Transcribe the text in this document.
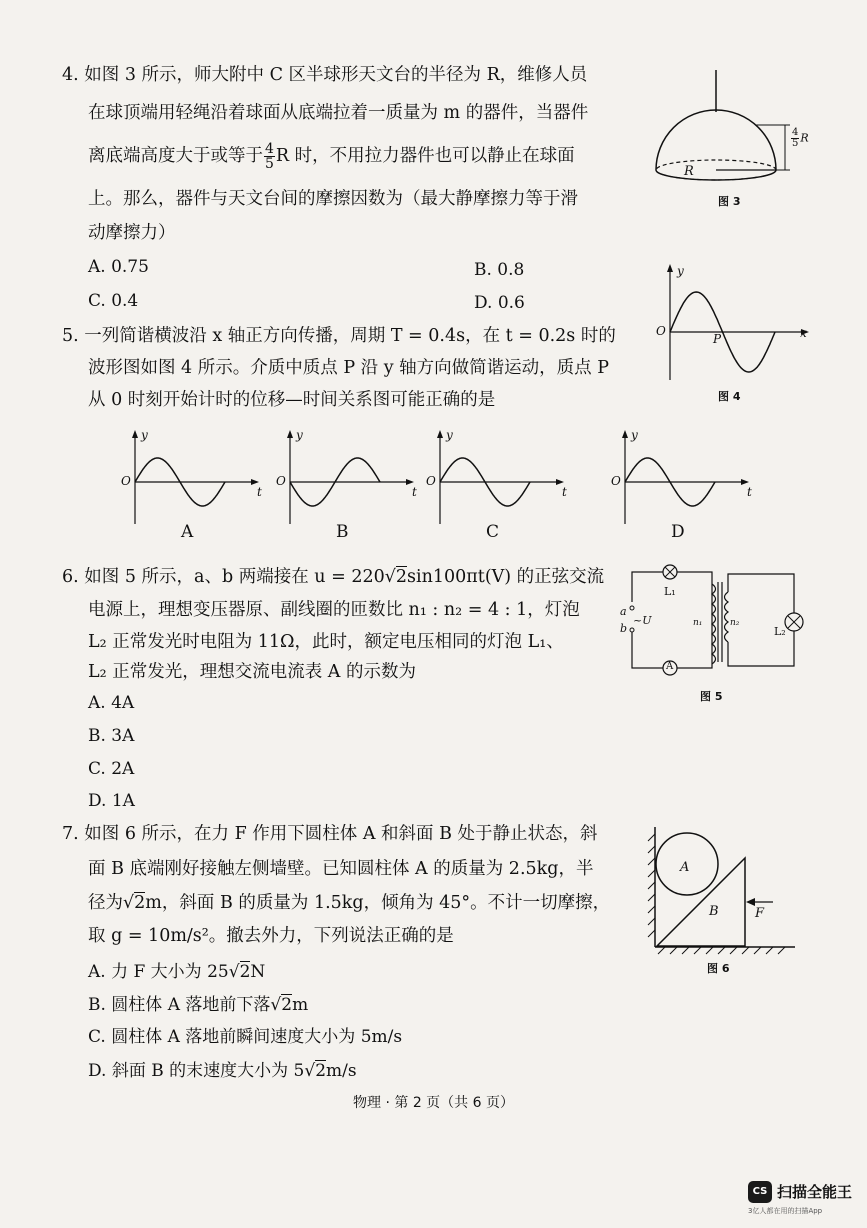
4. 如图 3 所示，师大附中 C 区半球形天文台的半径为 R，维修人员
在球顶端用轻绳沿着球面从底端拉着一质量为 m 的器件，当器件
离底端高度大于或等于 $\frac{4}{5}$ R 时，不用拉力器件也可以静止在球面
上。那么，器件与天文台间的摩擦因数为（最大静摩擦力等于滑
动摩擦力）
A. 0.75	B. 0.8
C. 0.4	D. 0.6
R
$\frac{4}{5}$ R
图 3
5. 一列简谐横波沿 x 轴正方向传播，周期 T = 0.4s，在 t = 0.2s 时的
波形图如图 4 所示。介质中质点 P 沿 y 轴方向做简谐运动，质点 P
从 0 时刻开始计时的位移—时间关系图可能正确的是
y
O	x
P
图 4
y
O
t
A
y
O
t
B
y
O
t
C
y
O
t
D
6. 如图 5 所示，a、b 两端接在 u = 220√2sin100πt(V) 的正弦交流
电源上，理想变压器原、副线圈的匝数比 n₁ : n₂ = 4 : 1，灯泡
L₂ 正常发光时电阻为 11Ω，此时，额定电压相同的灯泡 L₁、
L₂ 正常发光，理想交流电流表 A 的示数为
A. 4A
B. 3A
C. 2A
D. 1A
L₁
L₂
a
b
~U	n₁	n₂
A
图 5
7. 如图 6 所示，在力 F 作用下圆柱体 A 和斜面 B 处于静止状态，斜
面 B 底端刚好接触左侧墙壁。已知圆柱体 A 的质量为 2.5kg，半
径为√2m，斜面 B 的质量为 1.5kg，倾角为 45°。不计一切摩擦，
取 g = 10m/s²。撤去外力，下列说法正确的是
A. 力 F 大小为 25√2N
B. 圆柱体 A 落地前下落√2m
C. 圆柱体 A 落地前瞬间速度大小为 5m/s
D. 斜面 B 的末速度大小为 5√2m/s
A
B	F
图 6
物理 · 第 2 页（共 6 页）
CS 扫描全能王
3亿人都在用的扫描App
